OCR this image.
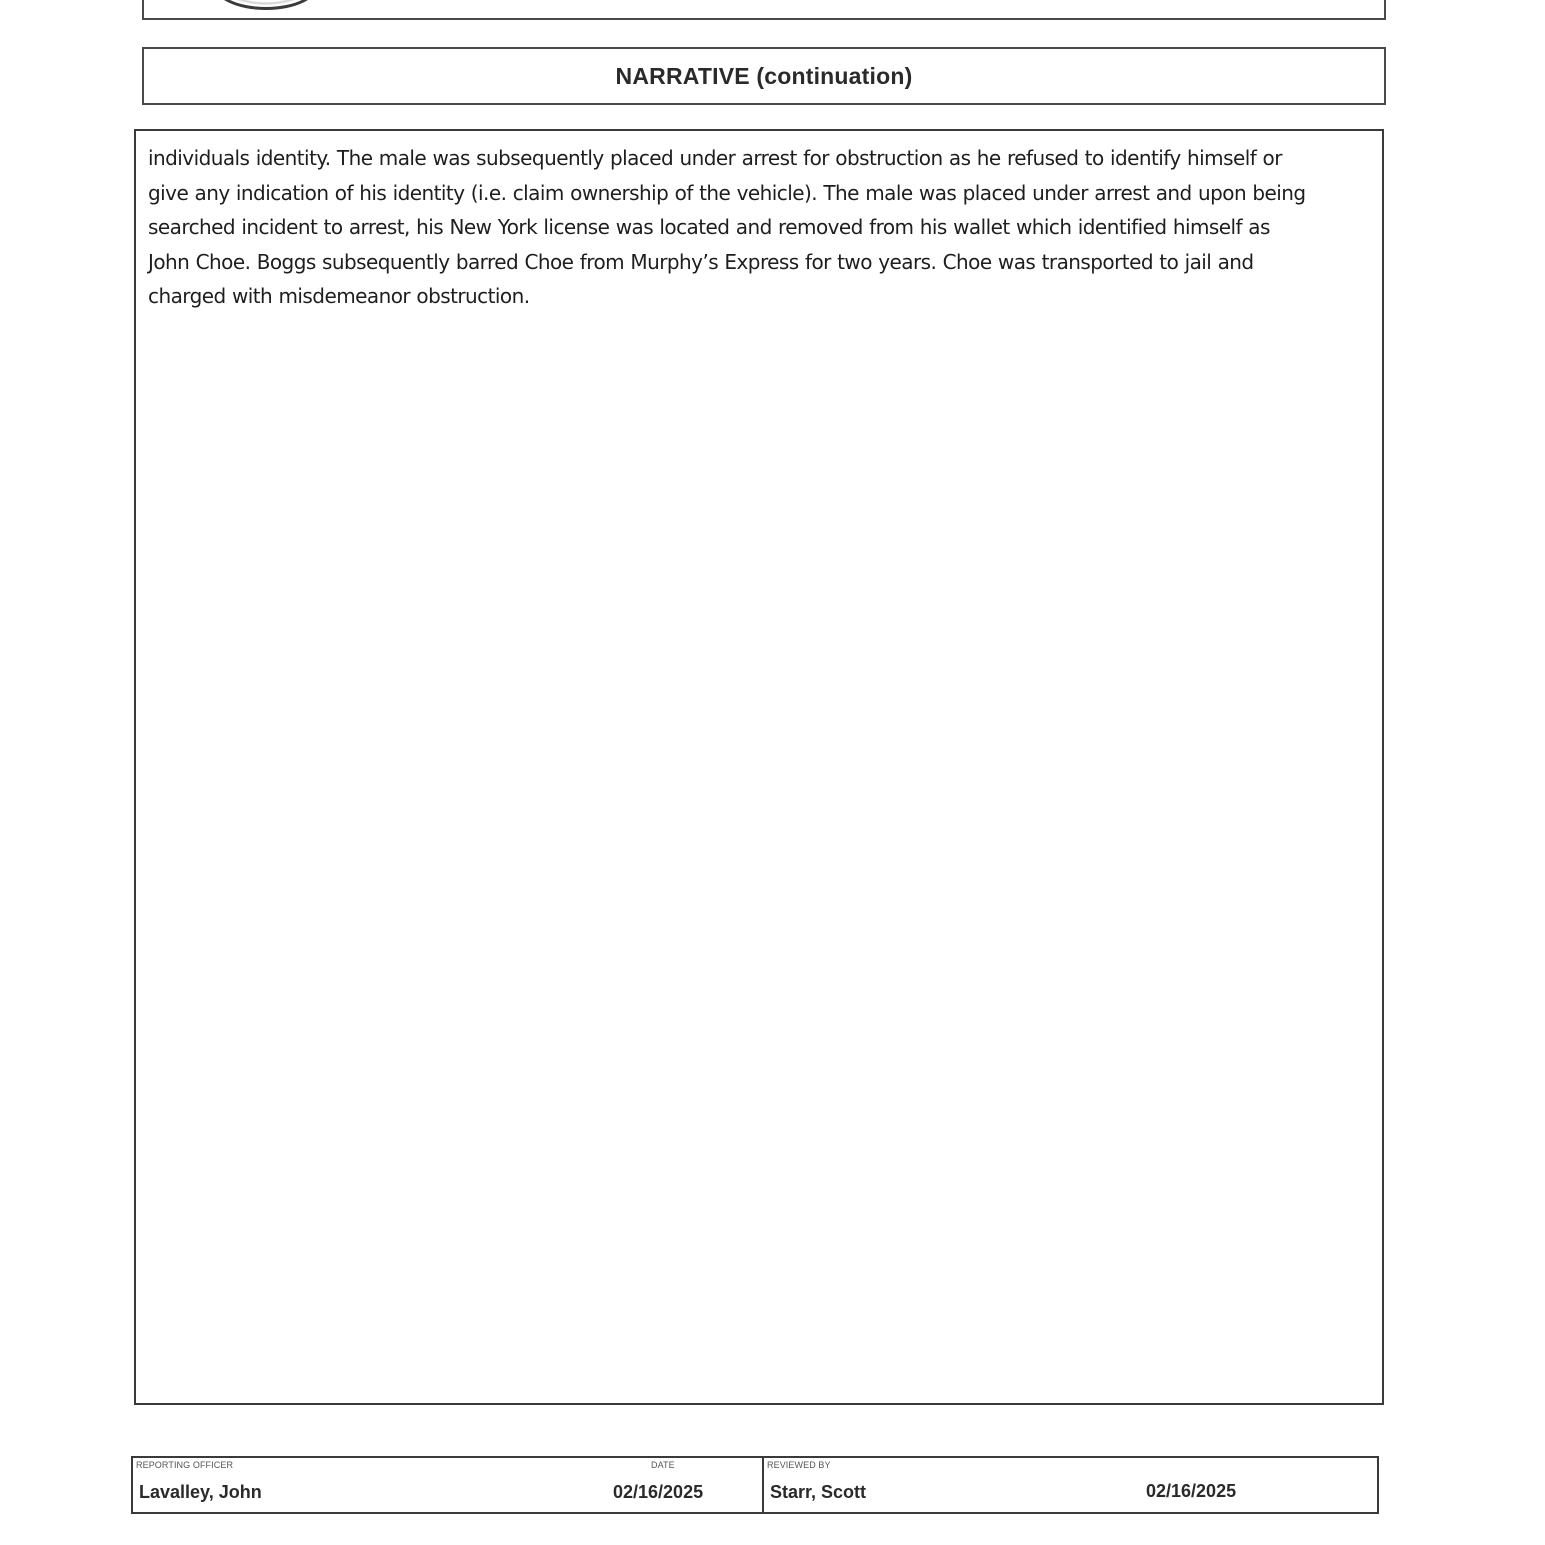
NARRATIVE (continuation)

individuals identity. The male was subsequently placed under arrest for obstruction as he refused to identify himself or give any indication of his identity (i.e. claim ownership of the vehicle). The male was placed under arrest and upon being searched incident to arrest, his New York license was located and removed from his wallet which identified himself as John Choe. Boggs subsequently barred Choe from Murphy’s Express for two years. Choe was transported to jail and charged with misdemeanor obstruction.

REPORTING OFFICER
Lavalley, John
DATE
02/16/2025
REVIEWED BY
Starr, Scott	02/16/2025
